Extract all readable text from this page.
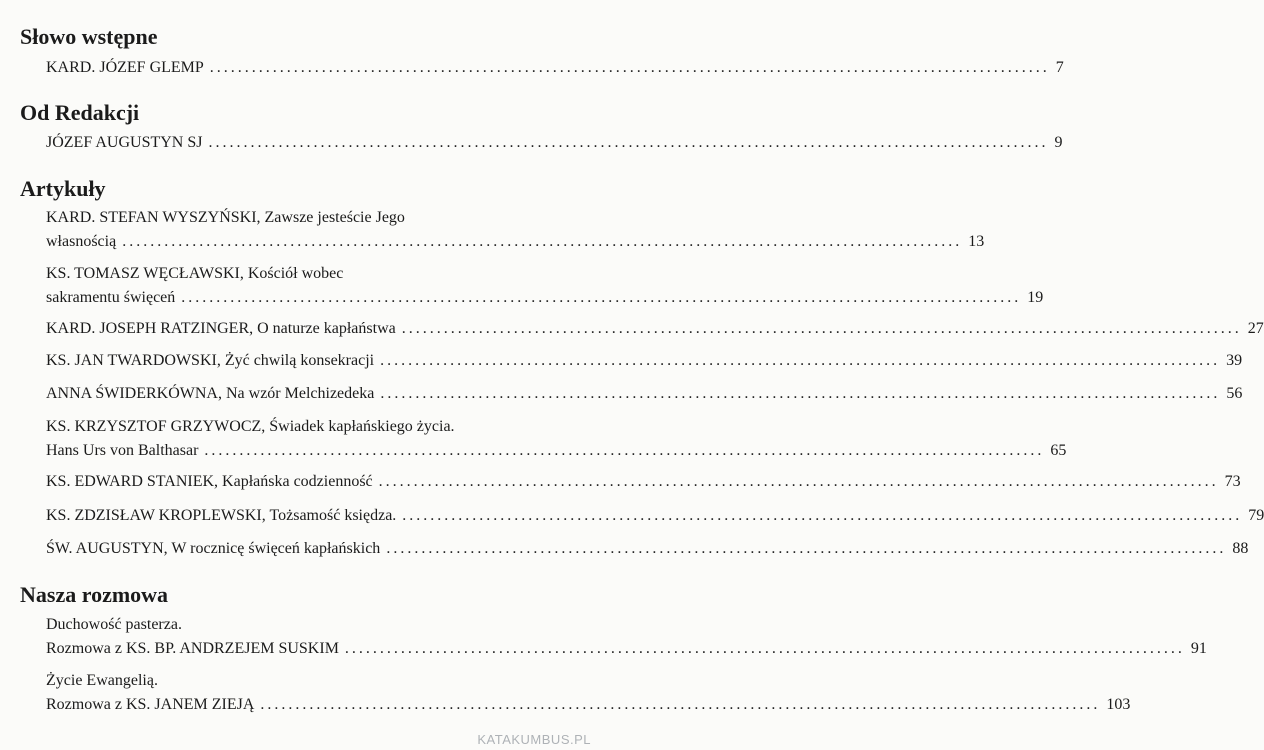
Słowo wstępne
KARD. JÓZEF GLEMP ........................................................................................................................ 7
Od Redakcji
JÓZEF AUGUSTYN SJ ........................................................................................................................ 9
Artykuły
KARD. STEFAN WYSZYŃSKI, Zawsze jesteście Jego
własnością ........................................................................................................................ 13
KS. TOMASZ WĘCŁAWSKI, Kościół wobec
sakramentu święceń ........................................................................................................................ 19
KARD. JOSEPH RATZINGER, O naturze kapłaństwa ........................................................................................................................ 27
KS. JAN TWARDOWSKI, Żyć chwilą konsekracji ........................................................................................................................ 39
ANNA ŚWIDERKÓWNA, Na wzór Melchizedeka ........................................................................................................................ 56
KS. KRZYSZTOF GRZYWOCZ, Świadek kapłańskiego życia.
Hans Urs von Balthasar ........................................................................................................................ 65
KS. EDWARD STANIEK, Kapłańska codzienność ........................................................................................................................ 73
KS. ZDZISŁAW KROPLEWSKI, Tożsamość księdza. ........................................................................................................................ 79
ŚW. AUGUSTYN, W rocznicę święceń kapłańskich ........................................................................................................................ 88
Nasza rozmowa
Duchowość pasterza.
Rozmowa z KS. BP. ANDRZEJEM SUSKIM ........................................................................................................................ 91
Życie Ewangelią.
Rozmowa z KS. JANEM ZIEJĄ ........................................................................................................................ 103
KATAKUMBUS.PL
